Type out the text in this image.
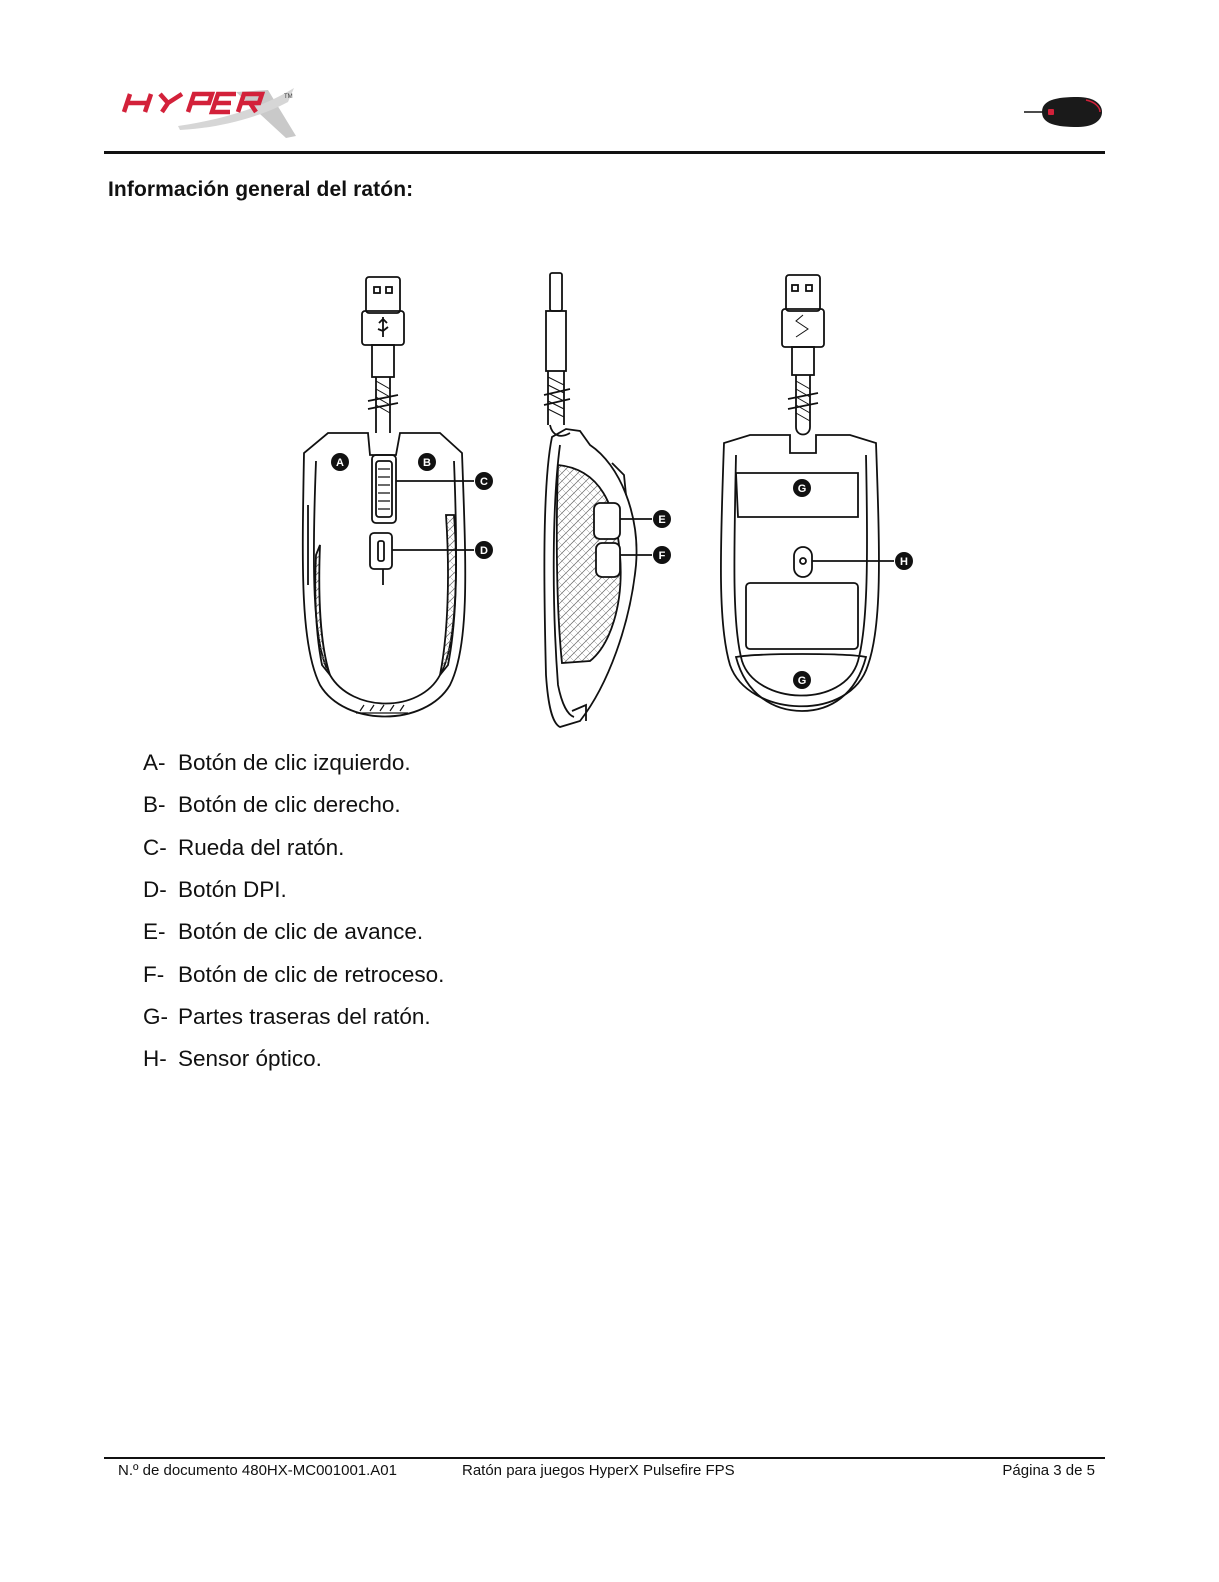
TM
Información general del ratón:
A	B
C
D
E
F
G
G
H
A- Botón de clic izquierdo.
B- Botón de clic derecho.
C- Rueda del ratón.
D- Botón DPI.
E- Botón de clic de avance.
F- Botón de clic de retroceso.
G- Partes traseras del ratón.
H- Sensor óptico.
N.º de documento 480HX-MC001001.A01	Ratón para juegos HyperX Pulsefire FPS	Página 3 de 5
